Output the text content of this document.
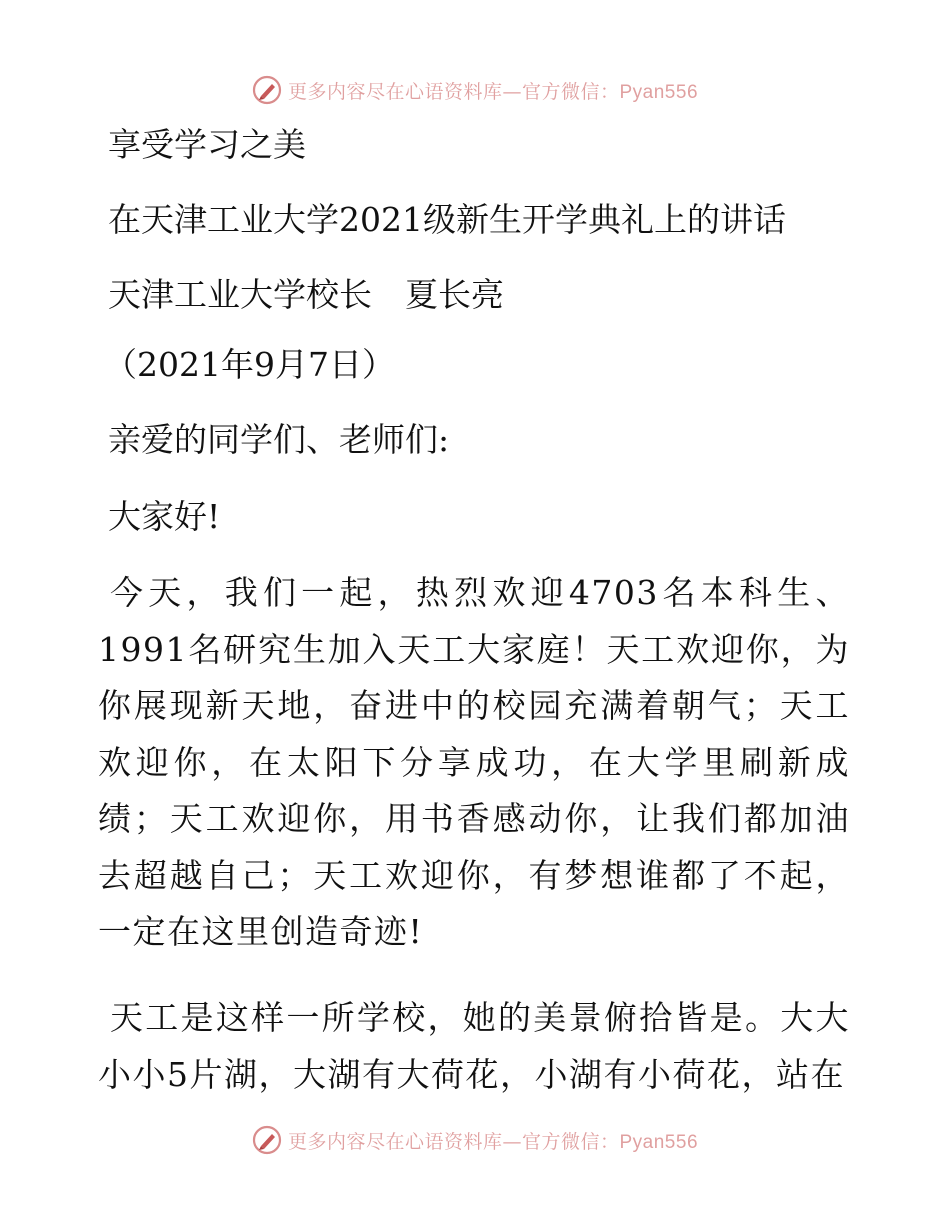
更多内容尽在心语资料库—官方微信：Pyan556
享受学习之美
在天津工业大学2021级新生开学典礼上的讲话
天津工业大学校长　夏长亮
（2021年9月7日）
亲爱的同学们、老师们:
大家好!

今天，我们一起，热烈欢迎4703名本科生、1991名研究生加入天工大家庭！天工欢迎你，为你展现新天地，奋进中的校园充满着朝气；天工欢迎你，在太阳下分享成功，在大学里刷新成绩；天工欢迎你，用书香感动你，让我们都加油去超越自己；天工欢迎你，有梦想谁都了不起，一定在这里创造奇迹!

天工是这样一所学校，她的美景俯拾皆是。大大小小5片湖，大湖有大荷花，小湖有小荷花，站在

更多内容尽在心语资料库—官方微信：Pyan556
